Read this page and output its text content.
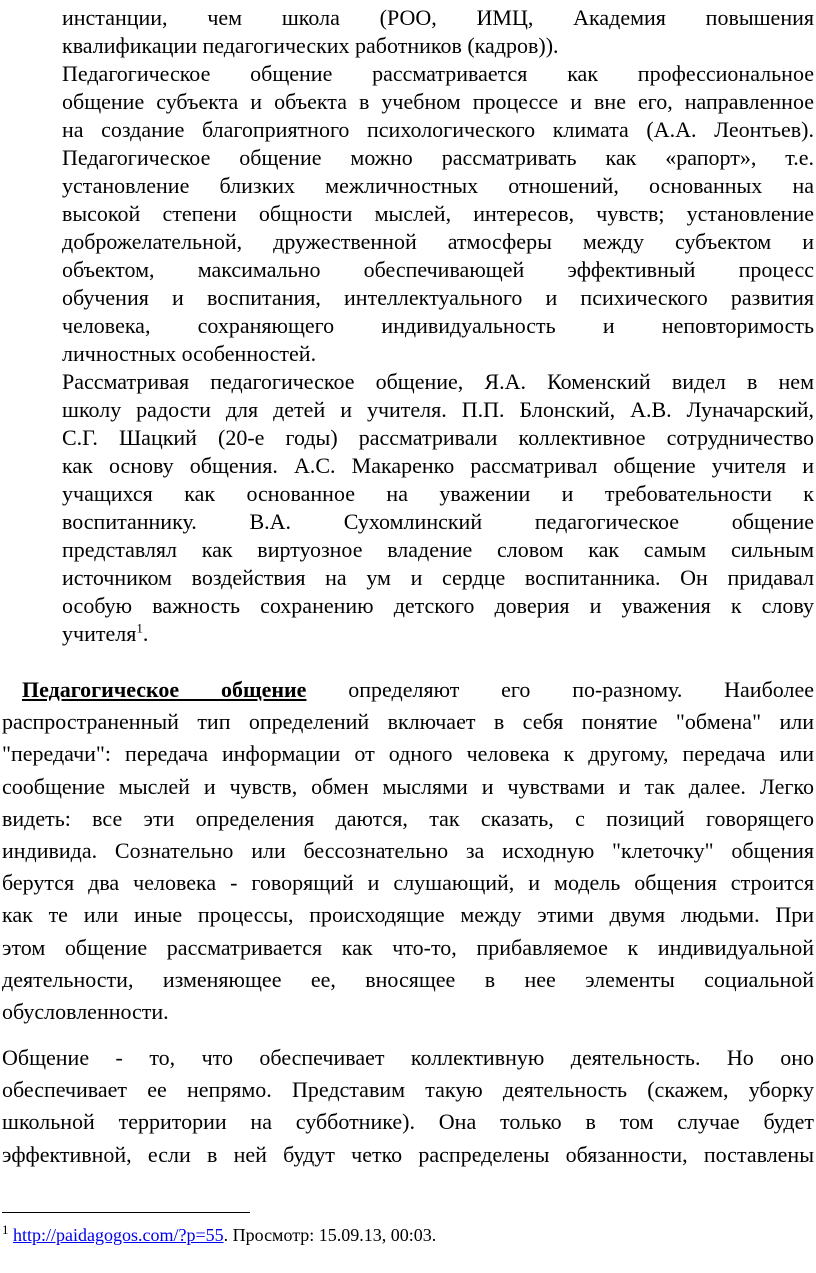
инстанции, чем школа (РОО, ИМЦ, Академия повышения
квалификации педагогических работников (кадров)).
Педагогическое общение рассматривается как профессиональное
общение субъекта и объекта в учебном процессе и вне его, направленное
на создание благоприятного психологического климата (А.А. Леонтьев).
Педагогическое общение можно рассматривать как «рапорт», т.е.
установление близких межличностных отношений, основанных на
высокой степени общности мыслей, интересов, чувств; установление
доброжелательной, дружественной атмосферы между субъектом и
объектом, максимально обеспечивающей эффективный процесс
обучения и воспитания, интеллектуального и психического развития
человека, сохраняющего индивидуальность и неповторимость
личностных особенностей.
Рассматривая педагогическое общение, Я.А. Коменский видел в нем
школу радости для детей и учителя. П.П. Блонский, А.В. Луначарский,
С.Г. Шацкий (20-е годы) рассматривали коллективное сотрудничество
как основу общения. А.С. Макаренко рассматривал общение учителя и
учащихся как основанное на уважении и требовательности к
воспитаннику. В.А. Сухомлинский педагогическое общение
представлял как виртуозное владение словом как самым сильным
источником воздействия на ум и сердце воспитанника. Он придавал
особую важность сохранению детского доверия и уважения к слову
учителя$^1$.
Педагогическое общение определяют его по-разному. Наиболее
распространенный тип определений включает в себя понятие "обмена" или
"передачи": передача информации от одного человека к другому, передача или
сообщение мыслей и чувств, обмен мыслями и чувствами и так далее. Легко
видеть: все эти определения даются, так сказать, с позиций говорящего
индивида. Сознательно или бессознательно за исходную "клеточку" общения
берутся два человека - говорящий и слушающий, и модель общения строится
как те или иные процессы, происходящие между этими двумя людьми. При
этом общение рассматривается как что-то, прибавляемое к индивидуальной
деятельности, изменяющее ее, вносящее в нее элементы социальной
обусловленности.
Общение - то, что обеспечивает коллективную деятельность. Но оно
обеспечивает ее непрямо. Представим такую деятельность (скажем, уборку
школьной территории на субботнике). Она только в том случае будет
эффективной, если в ней будут четко распределены обязанности, поставлены
$^1$ http://paidagogos.com/?p=55. Просмотр: 15.09.13, 00:03.
